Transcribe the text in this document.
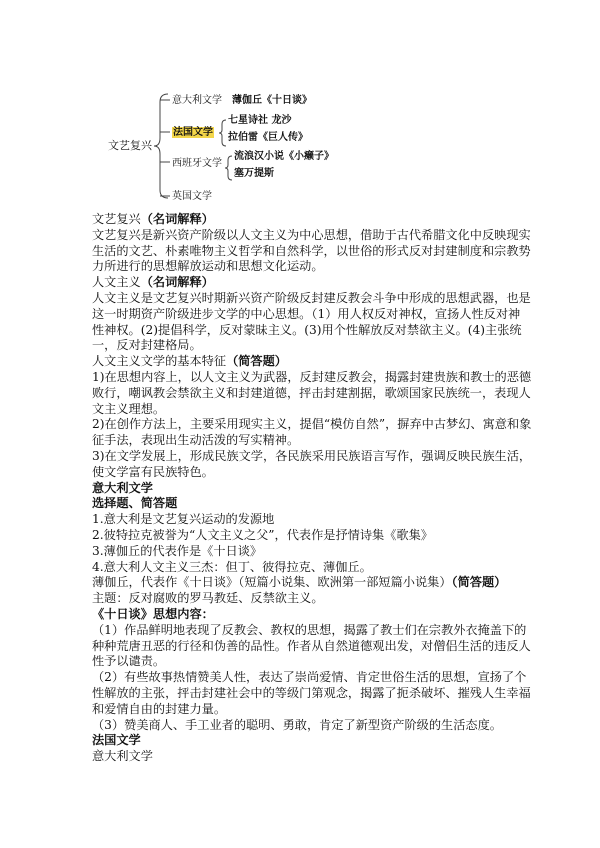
文艺复兴
意大利文学 薄伽丘《十日谈》
法国文学
七星诗社 龙沙
拉伯雷《巨人传》
西班牙文学
流浪汉小说《小癞子》
塞万提斯
英国文学

文艺复兴（名词解释）

文艺复兴是新兴资产阶级以人文主义为中心思想，借助于古代希腊文化中反映现实生活的文艺、朴素唯物主义哲学和自然科学，以世俗的形式反对封建制度和宗教势力所进行的思想解放运动和思想文化运动。

人文主义（名词解释）

人文主义是文艺复兴时期新兴资产阶级反封建反教会斗争中形成的思想武器，也是这一时期资产阶级进步文学的中心思想。（1）用人权反对神权，宣扬人性反对神性神权。(2)提倡科学，反对蒙昧主义。(3)用个性解放反对禁欲主义。(4)主张统一，反对封建格局。

人文主义文学的基本特征（简答题）

1)在思想内容上，以人文主义为武器，反封建反教会，揭露封建贵族和教士的恶德败行，嘲讽教会禁欲主义和封建道德，抨击封建割据，歌颂国家民族统一，表现人文主义理想。

2)在创作方法上，主要采用现实主义，提倡“模仿自然”，摒弃中古梦幻、寓意和象征手法，表现出生动活泼的写实精神。

3)在文学发展上，形成民族文学，各民族采用民族语言写作，强调反映民族生活，使文学富有民族特色。

意大利文学

选择题、简答题

1.意大利是文艺复兴运动的发源地

2.彼特拉克被誉为“人文主义之父”，代表作是抒情诗集《歌集》

3.薄伽丘的代表作是《十日谈》

4.意大利人文主义三杰：但丁、彼得拉克、薄伽丘。

薄伽丘，代表作《十日谈》（短篇小说集、欧洲第一部短篇小说集）（简答题）

主题：反对腐败的罗马教廷、反禁欲主义。

《十日谈》思想内容：

（1）作品鲜明地表现了反教会、教权的思想，揭露了教士们在宗教外衣掩盖下的种种荒唐丑恶的行径和伪善的品性。作者从自然道德观出发，对僧侣生活的违反人性予以谴责。

（2）有些故事热情赞美人性，表达了崇尚爱情、肯定世俗生活的思想，宣扬了个性解放的主张，抨击封建社会中的等级门第观念，揭露了扼杀破坏、摧残人生幸福和爱情自由的封建力量。

（3）赞美商人、手工业者的聪明、勇敢，肯定了新型资产阶级的生活态度。

法国文学

意大利文学
